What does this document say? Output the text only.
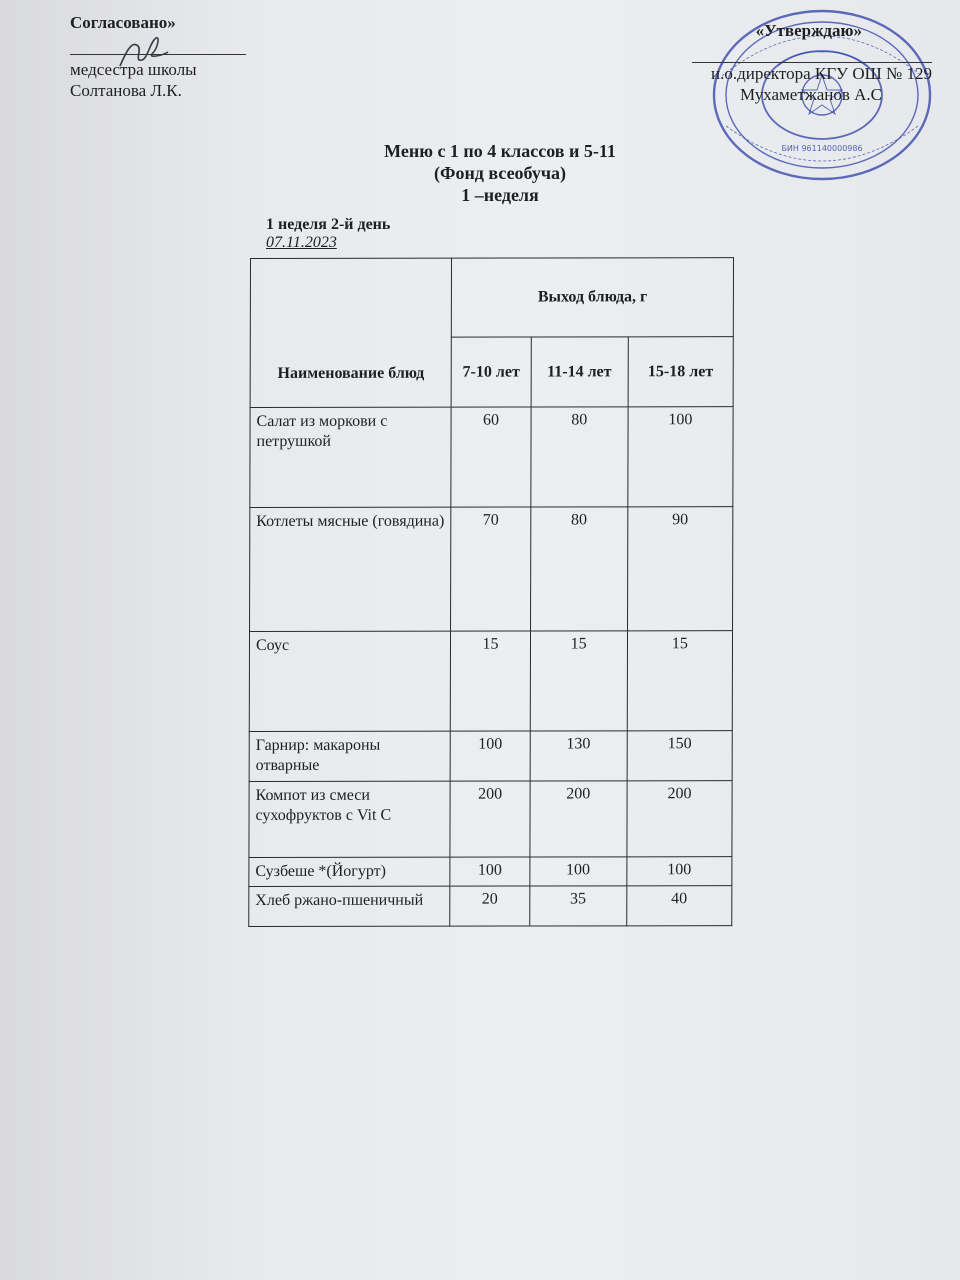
Согласовано»
медсестра школы
Солтанова Л.К.
БИН 961140000986
«Утверждаю»
и.о.директора КГУ ОШ № 129
Мухаметжанов А.С
Меню с 1 по 4 классов и 5-11
(Фонд всеобуча)
1 –неделя
1 неделя 2-й день
07.11.2023
Наименование блюд	Выход блюда, г		
	7-10 лет	11-14 лет	15-18 лет
Салат из моркови с петрушкой	60	80	100
Котлеты мясные (говядина)	70	80	90
Соус	15	15	15
Гарнир: макароны отварные	100	130	150
Компот из смеси сухофруктов с Vit C	200	200	200
Сузбеше *(Йогурт)	100	100	100
Хлеб ржано-пшеничный	20	35	40
